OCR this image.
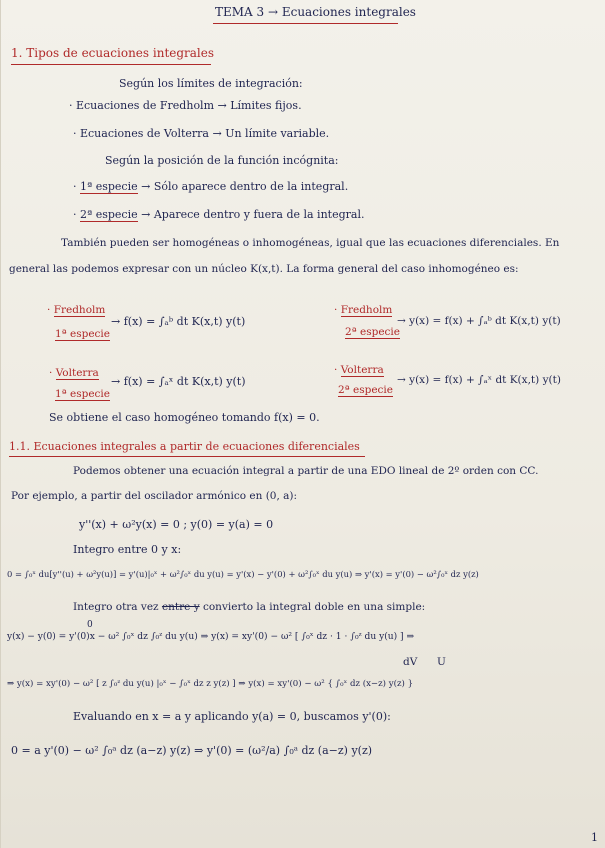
TEMA 3 → Ecuaciones integrales
1. Tipos de ecuaciones integrales
Según los límites de integración:
· Ecuaciones de Fredholm → Límites fijos.
· Ecuaciones de Volterra → Un límite variable.
Según la posición de la función incógnita:
· 1ª especie → Sólo aparece dentro de la integral.
· 2ª especie → Aparece dentro y fuera de la integral.
También pueden ser homogéneas o inhomogéneas, igual que las ecuaciones diferenciales. En
general las podemos expresar con un núcleo K(x,t). La forma general del caso inhomogéneo es:
· Fredholm
1ª especie
→ f(x) = ∫ₐᵇ dt K(x,t) y(t)
· Fredholm
2ª especie
→ y(x) = f(x) + ∫ₐᵇ dt K(x,t) y(t)
· Volterra
1ª especie
→ f(x) = ∫ₐˣ dt K(x,t) y(t)
· Volterra
2ª especie
→ y(x) = f(x) + ∫ₐˣ dt K(x,t) y(t)
Se obtiene el caso homogéneo tomando f(x) = 0.
1.1. Ecuaciones integrales a partir de ecuaciones diferenciales
Podemos obtener una ecuación integral a partir de una EDO lineal de 2º orden con CC.
Por ejemplo, a partir del oscilador armónico en (0, a):
y''(x) + ω²y(x) = 0 ; y(0) = y(a) = 0
Integro entre 0 y x:
0 = ∫₀ˣ du[y''(u) + ω²y(u)] = y'(u)|₀ˣ + ω²∫₀ˣ du y(u) = y'(x) − y'(0) + ω²∫₀ˣ du y(u) ⇒ y'(x) = y'(0) − ω²∫₀ˣ dz y(z)
Integro otra vez entre y convierto la integral doble en una simple:
0
y(x) − y(0) = y'(0)x − ω² ∫₀ˣ dz ∫₀ᶻ du y(u) ⇒ y(x) = xy'(0) − ω² [ ∫₀ˣ dz · 1 · ∫₀ᶻ du y(u) ] ⇒
dV U
⇒ y(x) = xy'(0) − ω² [ z ∫₀ᶻ du y(u) |₀ˣ − ∫₀ˣ dz z y(z) ] ⇒ y(x) = xy'(0) − ω² { ∫₀ˣ dz (x−z) y(z) }
Evaluando en x = a y aplicando y(a) = 0, buscamos y'(0):
0 = a y'(0) − ω² ∫₀ᵃ dz (a−z) y(z) ⇒ y'(0) = (ω²/a) ∫₀ᵃ dz (a−z) y(z)
1
